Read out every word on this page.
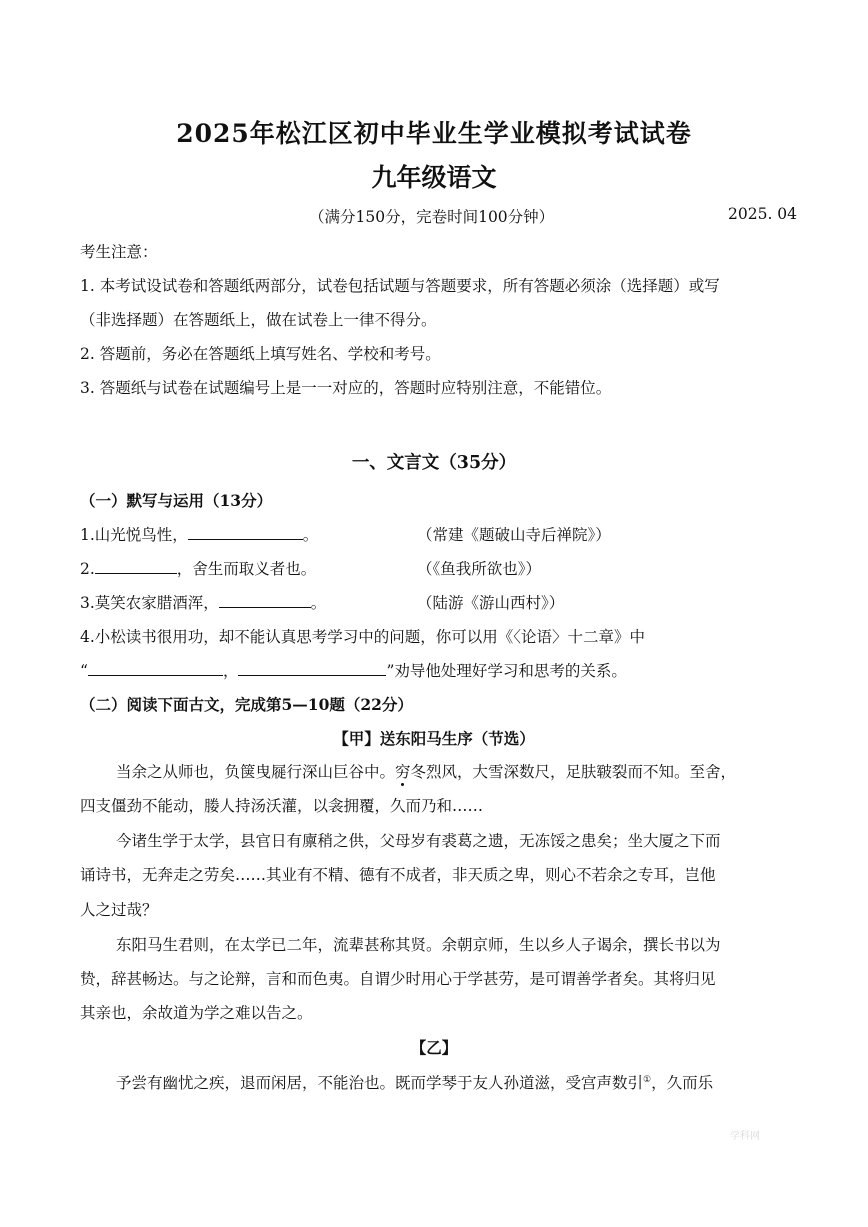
2025年松江区初中毕业生学业模拟考试试卷
九年级语文
（满分150分，完卷时间100分钟）	2025. 04
考生注意：
1. 本考试设试卷和答题纸两部分，试卷包括试题与答题要求，所有答题必须涂（选择题）或写
（非选择题）在答题纸上，做在试卷上一律不得分。
2. 答题前，务必在答题纸上填写姓名、学校和考号。
3. 答题纸与试卷在试题编号上是一一对应的，答题时应特别注意，不能错位。
一、文言文（35分）
（一）默写与运用（13分）
1.山光悦鸟性，	。	（常建《题破山寺后禅院》）
2.	，舍生而取义者也。	（《鱼我所欲也》）
3.莫笑农家腊酒浑，	。	（陆游《游山西村》）
4.小松读书很用功，却不能认真思考学习中的问题，你可以用《〈论语〉十二章》中
“	，	”劝导他处理好学习和思考的关系。
（二）阅读下面古文，完成第5—10题（22分）
【甲】送东阳马生序（节选）
当余之从师也，负箧曳屣行深山巨谷中。穷冬烈风，大雪深数尺，足肤皲裂而不知。至舍，
四支僵劲不能动，媵人持汤沃灌，以衾拥覆，久而乃和……
今诸生学于太学，县官日有廪稍之供，父母岁有裘葛之遗，无冻馁之患矣；坐大厦之下而
诵诗书，无奔走之劳矣……其业有不精、德有不成者，非天质之卑，则心不若余之专耳，岂他
人之过哉？
东阳马生君则，在太学已二年，流辈甚称其贤。余朝京师，生以乡人子谒余，撰长书以为
贽，辞甚畅达。与之论辩，言和而色夷。自谓少时用心于学甚劳，是可谓善学者矣。其将归见
其亲也，余故道为学之难以告之。
【乙】
予尝有幽忧之疾，退而闲居，不能治也。既而学琴于友人孙道滋，受宫声数引①，久而乐
学科网
